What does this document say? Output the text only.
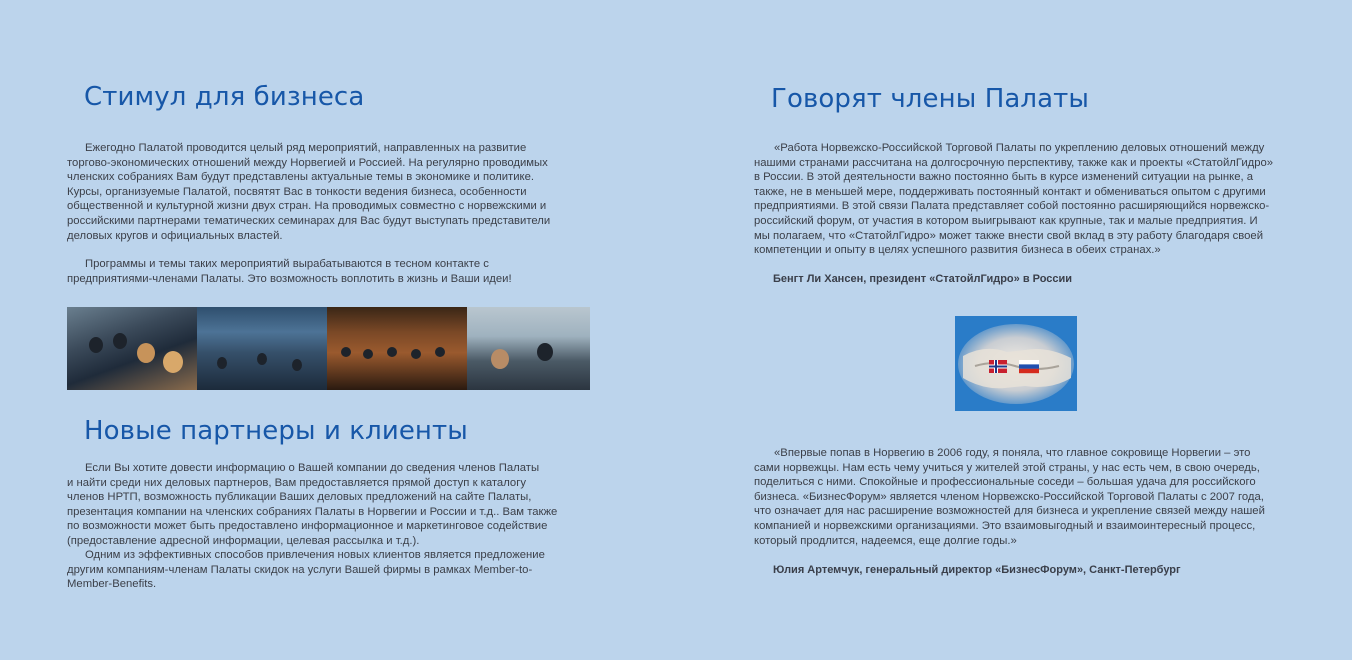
Стимул для бизнеса
Ежегодно Палатой проводится целый ряд мероприятий, направленных на развитие
торгово-экономических отношений между Норвегией и Россией. На регулярно проводимых
членских собраниях Вам будут представлены актуальные темы в экономике и политике.
Курсы, организуемые Палатой, посвятят Вас в тонкости ведения бизнеса, особенности
общественной и культурной жизни двух стран. На проводимых совместно с норвежскими и
российскими партнерами тематических семинарах для Вас будут выступать представители
деловых кругов и официальных властей.
Программы и темы таких мероприятий вырабатываются в тесном контакте с
предприятиями-членами Палаты. Это возможность воплотить в жизнь и Ваши идеи!
Новые партнеры и клиенты
Если Вы хотите довести информацию о Вашей компании до сведения членов Палаты
и найти среди них деловых партнеров, Вам предоставляется прямой доступ к каталогу
членов НРТП, возможность публикации Ваших деловых предложений на сайте Палаты,
презентация компании на членских собраниях Палаты в Норвегии и России и т.д.. Вам также
по возможности может быть предоставлено информационное и маркетинговое содействие
(предоставление адресной информации, целевая рассылка и т.д.).
Одним из эффективных способов привлечения новых клиентов является предложение
другим компаниям-членам Палаты скидок на услуги Вашей фирмы в рамках Member-to-
Member-Benefits.
Говорят члены Палаты
«Работа Норвежско-Российской Торговой Палаты по укреплению деловых отношений между
нашими странами рассчитана на долгосрочную перспективу, также как и проекты «СтатойлГидро»
в России. В этой деятельности важно постоянно быть в курсе изменений ситуации на рынке, а
также, не в меньшей мере, поддерживать постоянный контакт и обмениваться опытом с другими
предприятиями. В этой связи Палата представляет собой постоянно расширяющийся норвежско-
российский форум, от участия в котором выигрывают как крупные, так и малые предприятия. И
мы полагаем, что «СтатойлГидро» может также внести свой вклад в эту работу благодаря своей
компетенции и опыту в целях успешного развития бизнеса в обеих странах.»
Бенгт Ли Хансен, президент «СтатойлГидро» в России
«Впервые попав в Норвегию в 2006 году, я поняла, что главное сокровище Норвегии – это
сами норвежцы. Нам есть чему учиться у жителей этой страны, у нас есть чем, в свою очередь,
поделиться с ними. Спокойные и профессиональные соседи – большая удача для российского
бизнеса. «БизнесФорум» является членом Норвежско-Российской Торговой Палаты с 2007 года,
что означает для нас расширение возможностей для бизнеса и укрепление связей между нашей
компанией и норвежскими организациями. Это взаимовыгодный и взаимоинтересный процесс,
который продлится, надеемся, еще долгие годы.»
Юлия Артемчук, генеральный директор «БизнесФорум», Санкт-Петербург
